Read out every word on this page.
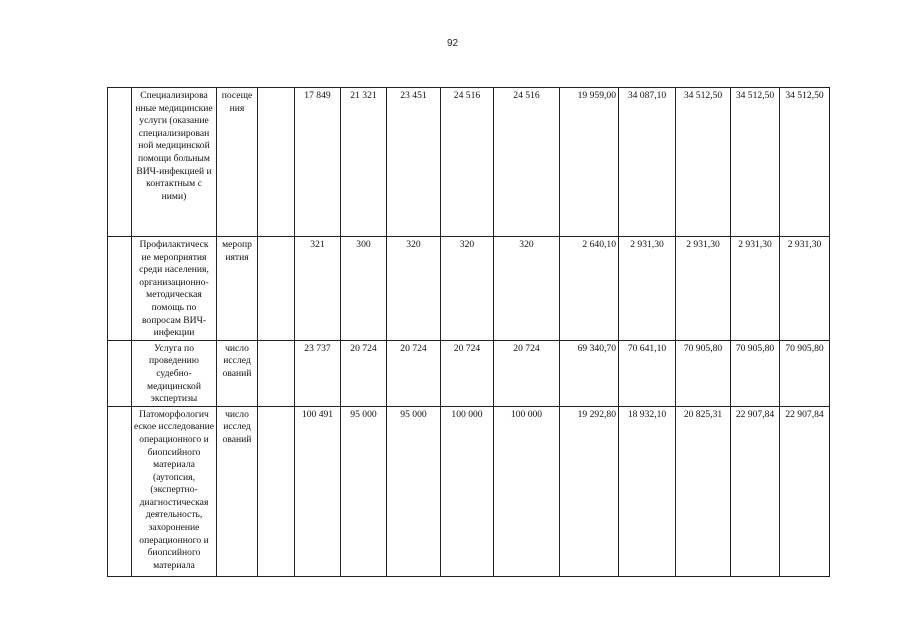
92
	Специализирова нные медицинские услуги (оказание специализирован ной медицинской помощи больным ВИЧ-инфекцией и контактным с ними)	посеще ния		17 849	21 321	23 451	24 516	24 516	19 959,00	34 087,10	34 512,50	34 512,50	34 512,50
	Профилактическ ие мероприятия среди населения, организационно-методическая помощь по вопросам ВИЧ-инфекции	меропр иятия		321	300	320	320	320	2 640,10	2 931,30	2 931,30	2 931,30	2 931,30
	Услуга по проведению судебно-медицинской экспертизы	число исслед ований		23 737	20 724	20 724	20 724	20 724	69 340,70	70 641,10	70 905,80	70 905,80	70 905,80
	Патоморфологич еское исследование операционного и биопсийного материала (аутопсия, (экспертно-диагностическая деятельность, захоронение операционного и биопсийного материала	число исслед ований		100 491	95 000	95 000	100 000	100 000	19 292,80	18 932,10	20 825,31	22 907,84	22 907,84
